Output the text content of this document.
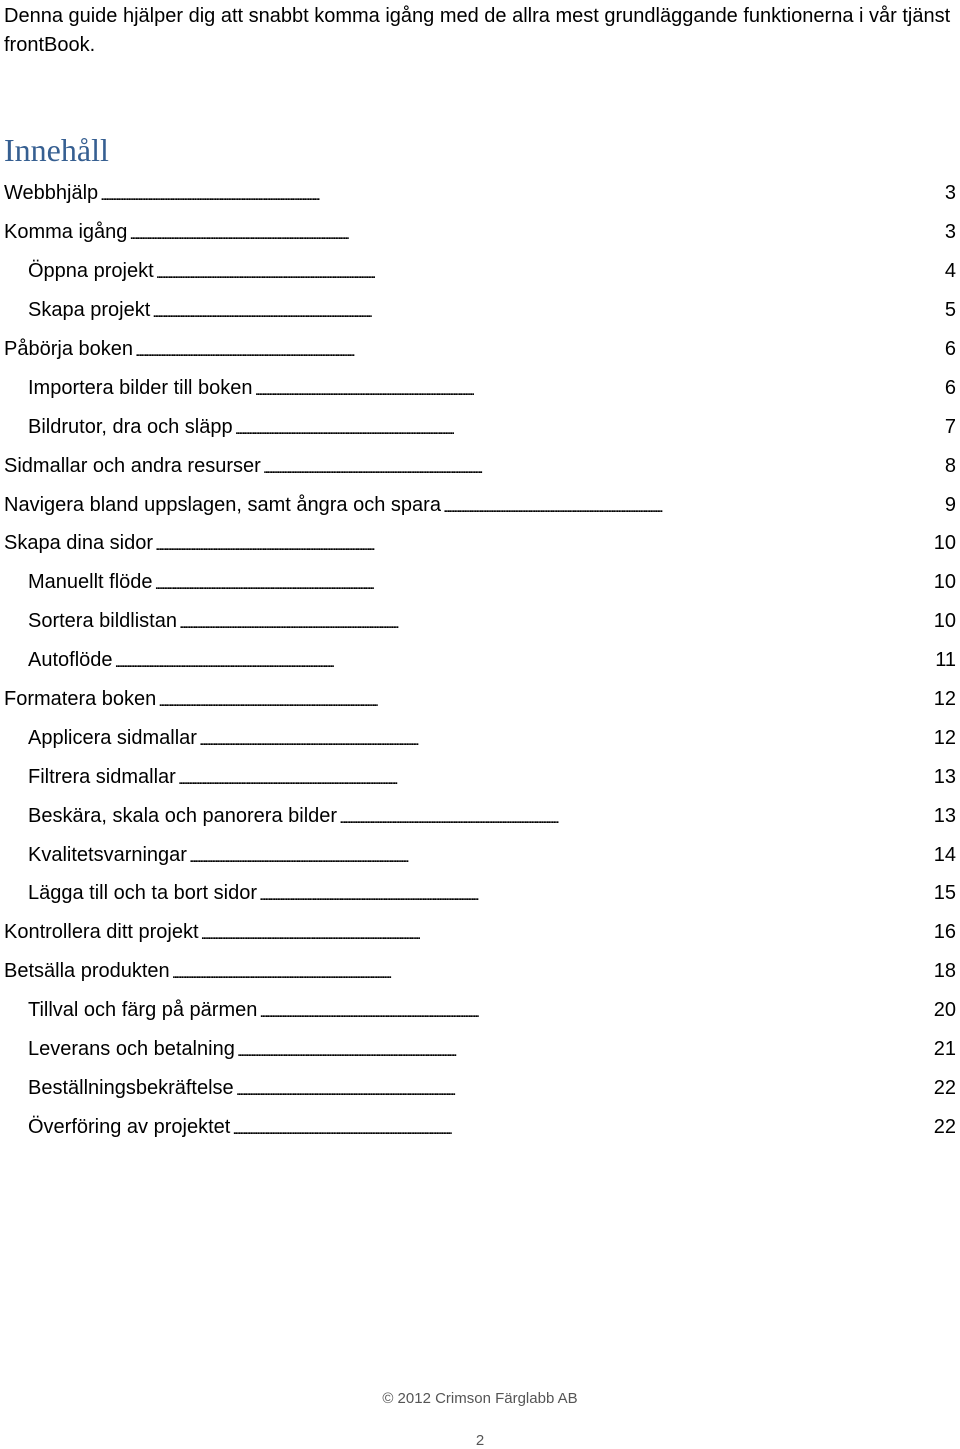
Denna guide hjälper dig att snabbt komma igång med de allra mest grundläggande funktionerna i vår tjänst frontBook.
Innehåll
Webbhjälp . . .	3
Komma igång . . .	3
Öppna projekt . . .	4
Skapa projekt . . .	5
Påbörja boken . . .	6
Importera bilder till boken . . .	6
Bildrutor, dra och släpp . . .	7
Sidmallar och andra resurser . . .	8
Navigera bland uppslagen, samt ångra och spara . . .	9
Skapa dina sidor . . .	10
Manuellt flöde . . .	10
Sortera bildlistan . . .	10
Autoflöde . . .	11
Formatera boken . . .	12
Applicera sidmallar . . .	12
Filtrera sidmallar . . .	13
Beskära, skala och panorera bilder . . .	13
Kvalitetsvarningar . . .	14
Lägga till och ta bort sidor . . .	15
Kontrollera ditt projekt . . .	16
Betsälla produkten . . .	18
Tillval och färg på pärmen . . .	20
Leverans och betalning . . .	21
Beställningsbekräftelse . . .	22
Överföring av projektet . . .	22
© 2012 Crimson Färglabb AB
2
